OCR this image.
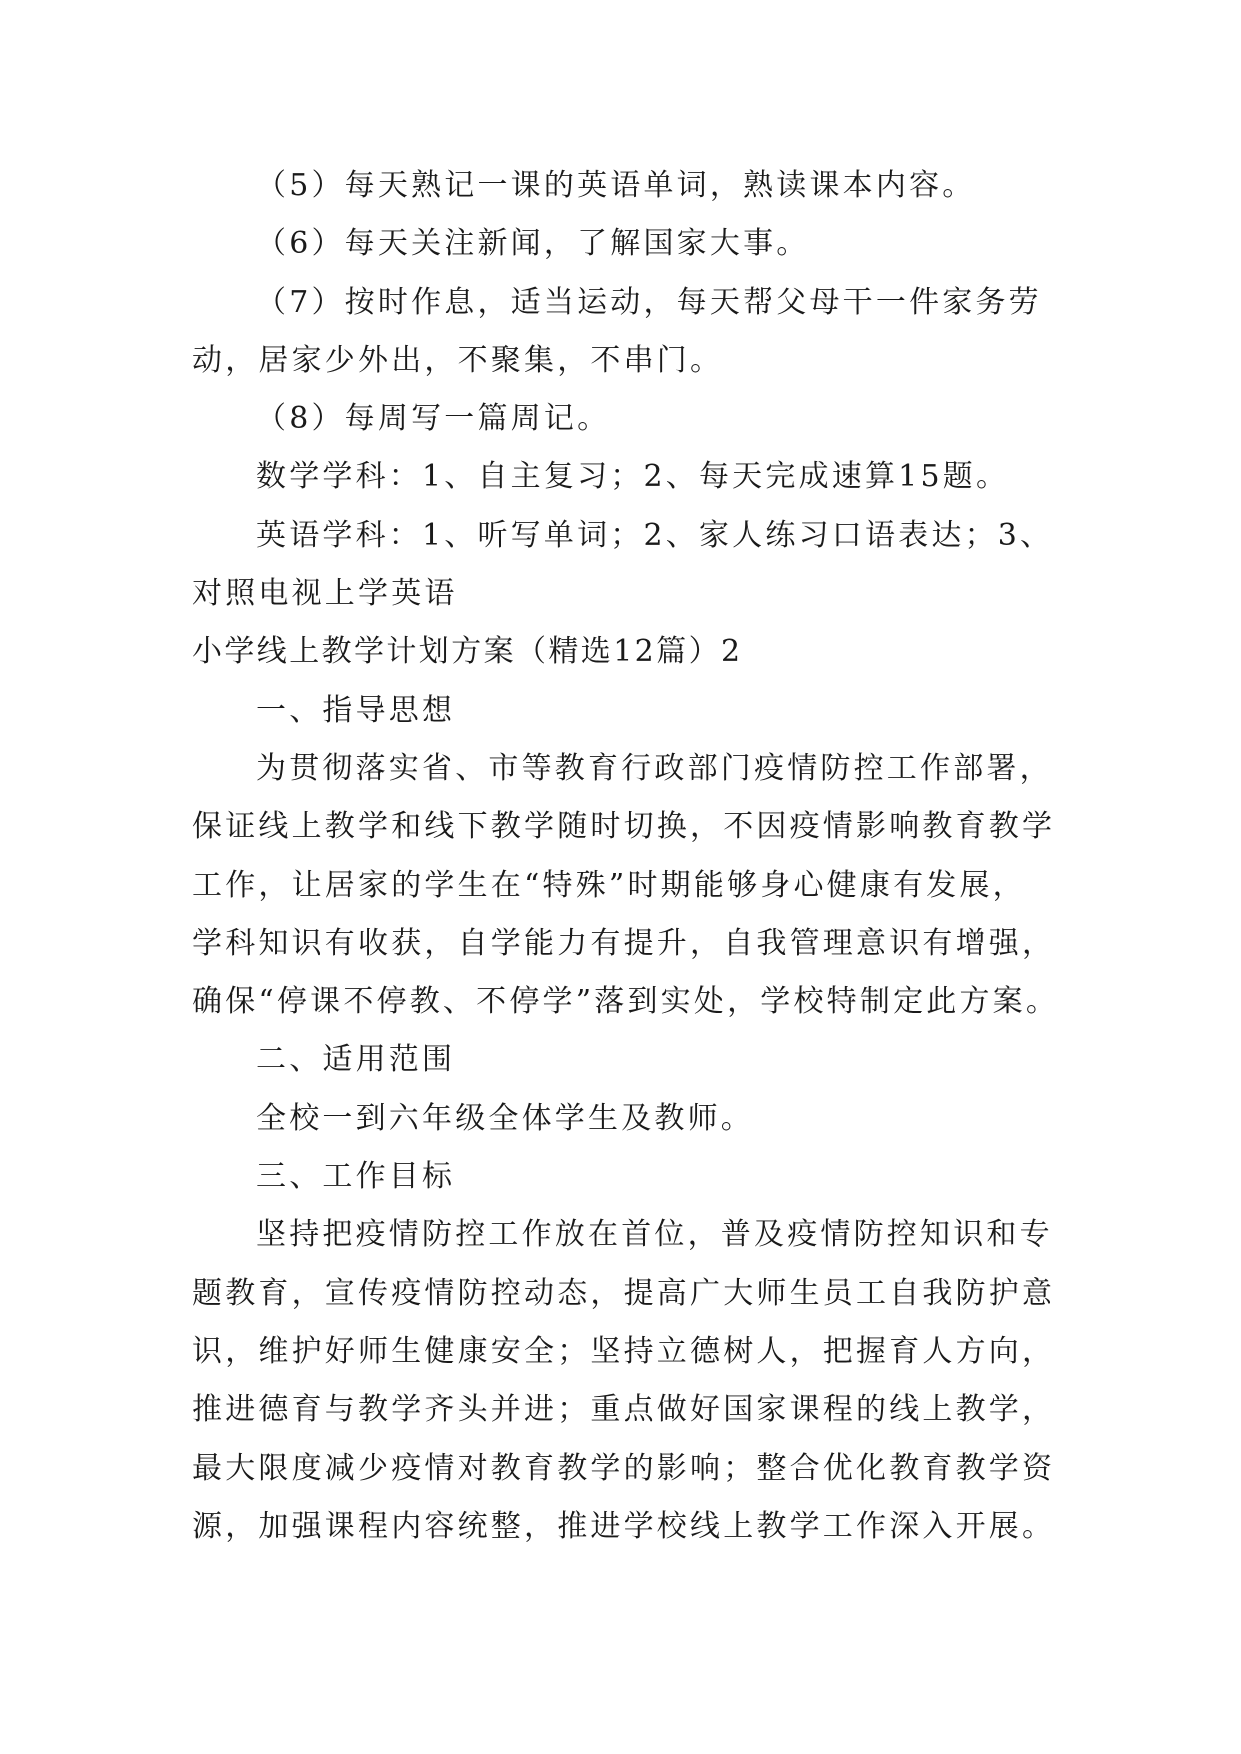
（5）每天熟记一课的英语单词，熟读课本内容。
（6）每天关注新闻，了解国家大事。
（7）按时作息，适当运动，每天帮父母干一件家务劳
动，居家少外出，不聚集，不串门。
（8）每周写一篇周记。
数学学科：1、自主复习；2、每天完成速算15题。
英语学科：1、听写单词；2、家人练习口语表达；3、
对照电视上学英语
小学线上教学计划方案（精选12篇）2
一、指导思想
为贯彻落实省、市等教育行政部门疫情防控工作部署，
保证线上教学和线下教学随时切换，不因疫情影响教育教学
工作，让居家的学生在“特殊”时期能够身心健康有发展，
学科知识有收获，自学能力有提升，自我管理意识有增强，
确保“停课不停教、不停学”落到实处，学校特制定此方案。
二、适用范围
全校一到六年级全体学生及教师。
三、工作目标
坚持把疫情防控工作放在首位，普及疫情防控知识和专
题教育，宣传疫情防控动态，提高广大师生员工自我防护意
识，维护好师生健康安全；坚持立德树人，把握育人方向，
推进德育与教学齐头并进；重点做好国家课程的线上教学，
最大限度减少疫情对教育教学的影响；整合优化教育教学资
源，加强课程内容统整，推进学校线上教学工作深入开展。
